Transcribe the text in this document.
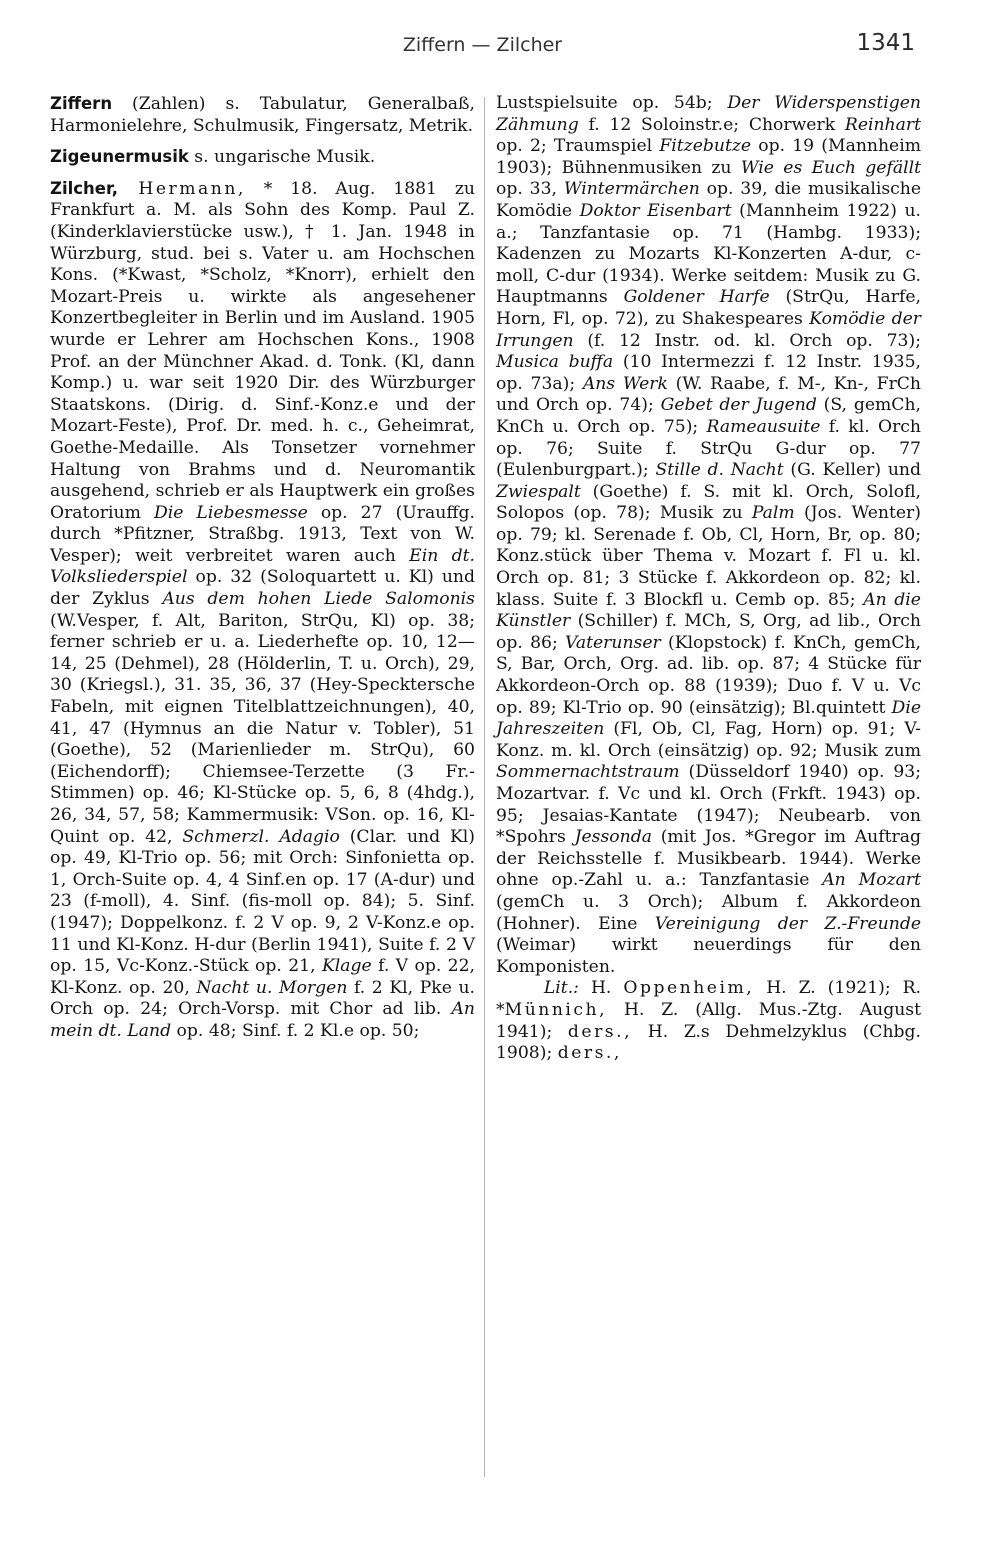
Ziffern — Zilcher	1341

Ziffern (Zahlen) s. Tabulatur, Generalbaß, Harmonielehre, Schulmusik, Fingersatz, Metrik.

Zigeunermusik s. ungarische Musik.

Zilcher, Hermann, * 18. Aug. 1881 zu Frankfurt a. M. als Sohn des Komp. Paul Z. (Kinderklavierstücke usw.), † 1. Jan. 1948 in Würzburg, stud. bei s. Vater u. am Hochschen Kons. (*Kwast, *Scholz, *Knorr), erhielt den Mozart-Preis u. wirkte als angesehener Konzertbegleiter in Berlin und im Ausland. 1905 wurde er Lehrer am Hochschen Kons., 1908 Prof. an der Münchner Akad. d. Tonk. (Kl, dann Komp.) u. war seit 1920 Dir. des Würzburger Staatskons. (Dirig. d. Sinf.-Konz.e und der Mozart-Feste), Prof. Dr. med. h. c., Geheimrat, Goethe-Medaille. Als Tonsetzer vornehmer Haltung von Brahms und d. Neuromantik ausgehend, schrieb er als Hauptwerk ein großes Oratorium Die Liebesmesse op. 27 (Urauffg. durch *Pfitzner, Straßbg. 1913, Text von W. Vesper); weit verbreitet waren auch Ein dt. Volksliederspiel op. 32 (Soloquartett u. Kl) und der Zyklus Aus dem hohen Liede Salomonis (W.Vesper, f. Alt, Bariton, StrQu, Kl) op. 38; ferner schrieb er u. a. Liederhefte op. 10, 12—14, 25 (Dehmel), 28 (Hölderlin, T. u. Orch), 29, 30 (Kriegsl.), 31. 35, 36, 37 (Hey-Specktersche Fabeln, mit eignen Titelblattzeichnungen), 40, 41, 47 (Hymnus an die Natur v. Tobler), 51 (Goethe), 52 (Marienlieder m. StrQu), 60 (Eichendorff); Chiemsee-Terzette (3 Fr.-Stimmen) op. 46; Kl-Stücke op. 5, 6, 8 (4hdg.), 26, 34, 57, 58; Kammermusik: VSon. op. 16, Kl-Quint op. 42, Schmerzl. Adagio (Clar. und Kl) op. 49, Kl-Trio op. 56; mit Orch: Sinfonietta op. 1, Orch-Suite op. 4, 4 Sinf.en op. 17 (A-dur) und 23 (f-moll), 4. Sinf. (fis-moll op. 84); 5. Sinf. (1947); Doppelkonz. f. 2 V op. 9, 2 V-Konz.e op. 11 und Kl-Konz. H-dur (Berlin 1941), Suite f. 2 V op. 15, Vc-Konz.-Stück op. 21, Klage f. V op. 22, Kl-Konz. op. 20, Nacht u. Morgen f. 2 Kl, Pke u. Orch op. 24; Orch-Vorsp. mit Chor ad lib. An mein dt. Land op. 48; Sinf. f. 2 Kl.e op. 50;

Lustspielsuite op. 54b; Der Widerspenstigen Zähmung f. 12 Soloinstr.e; Chorwerk Reinhart op. 2; Traumspiel Fitzebutze op. 19 (Mannheim 1903); Bühnenmusiken zu Wie es Euch gefällt op. 33, Wintermärchen op. 39, die musikalische Komödie Doktor Eisenbart (Mannheim 1922) u. a.; Tanzfantasie op. 71 (Hambg. 1933); Kadenzen zu Mozarts Kl-Konzerten A-dur, c-moll, C-dur (1934). Werke seitdem: Musik zu G. Hauptmanns Goldener Harfe (StrQu, Harfe, Horn, Fl, op. 72), zu Shakespeares Komödie der Irrungen (f. 12 Instr. od. kl. Orch op. 73); Musica buffa (10 Intermezzi f. 12 Instr. 1935, op. 73a); Ans Werk (W. Raabe, f. M-, Kn-, FrCh und Orch op. 74); Gebet der Jugend (S, gemCh, KnCh u. Orch op. 75); Rameausuite f. kl. Orch op. 76; Suite f. StrQu G-dur op. 77 (Eulenburgpart.); Stille d. Nacht (G. Keller) und Zwiespalt (Goethe) f. S. mit kl. Orch, Solofl, Solopos (op. 78); Musik zu Palm (Jos. Wenter) op. 79; kl. Serenade f. Ob, Cl, Horn, Br, op. 80; Konz.stück über Thema v. Mozart f. Fl u. kl. Orch op. 81; 3 Stücke f. Akkordeon op. 82; kl. klass. Suite f. 3 Blockfl u. Cemb op. 85; An die Künstler (Schiller) f. MCh, S, Org, ad lib., Orch op. 86; Vaterunser (Klopstock) f. KnCh, gemCh, S, Bar, Orch, Org. ad. lib. op. 87; 4 Stücke für Akkordeon-Orch op. 88 (1939); Duo f. V u. Vc op. 89; Kl-Trio op. 90 (einsätzig); Bl.quintett Die Jahreszeiten (Fl, Ob, Cl, Fag, Horn) op. 91; V-Konz. m. kl. Orch (einsätzig) op. 92; Musik zum Sommernachtstraum (Düsseldorf 1940) op. 93; Mozartvar. f. Vc und kl. Orch (Frkft. 1943) op. 95; Jesaias-Kantate (1947); Neubearb. von *Spohrs Jessonda (mit Jos. *Gregor im Auftrag der Reichsstelle f. Musikbearb. 1944). Werke ohne op.-Zahl u. a.: Tanzfantasie An Mozart (gemCh u. 3 Orch); Album f. Akkordeon (Hohner). Eine Vereinigung der Z.-Freunde (Weimar) wirkt neuerdings für den Komponisten.

Lit.: H. Oppenheim, H. Z. (1921); R. *Münnich, H. Z. (Allg. Mus.-Ztg. August 1941); ders., H. Z.s Dehmelzyklus (Chbg. 1908); ders.,
